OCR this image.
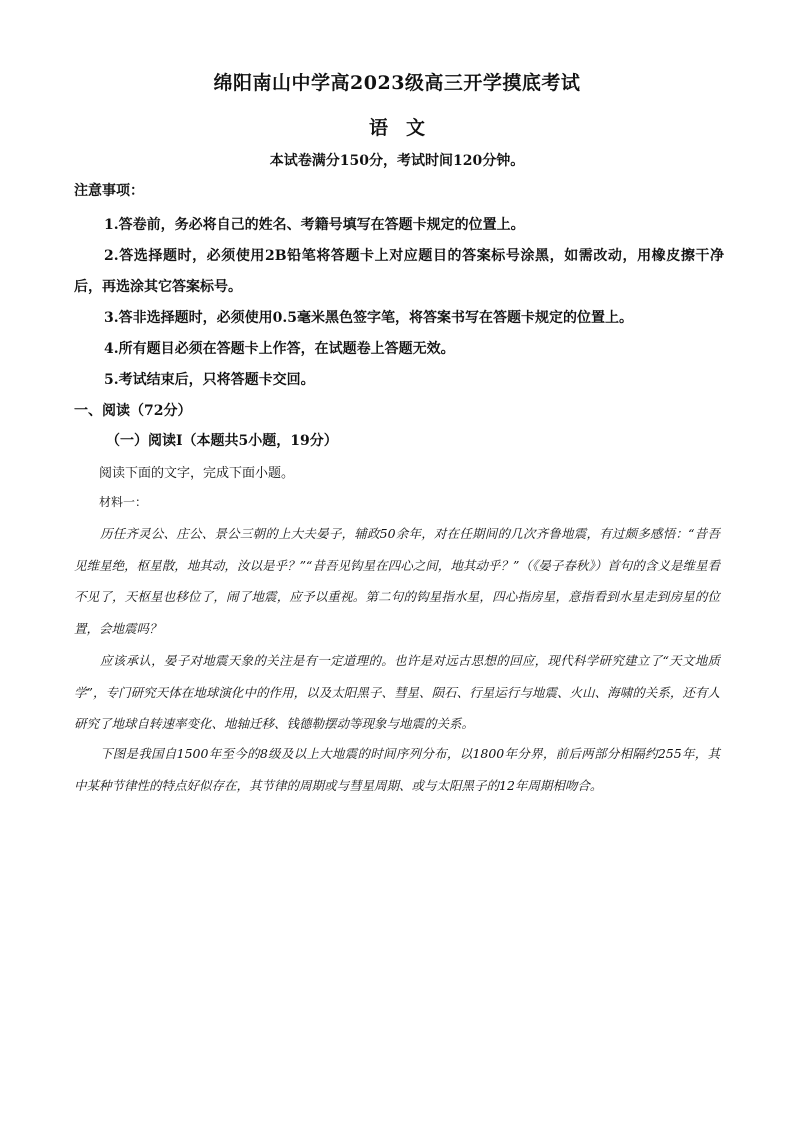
绵阳南山中学高2023级高三开学摸底考试
语文
本试卷满分150分，考试时间120分钟。
注意事项：
1.答卷前，务必将自己的姓名、考籍号填写在答题卡规定的位置上。
2.答选择题时，必须使用2B铅笔将答题卡上对应题目的答案标号涂黑，如需改动，用橡皮擦干净后，再选涂其它答案标号。
3.答非选择题时，必须使用0.5毫米黑色签字笔，将答案书写在答题卡规定的位置上。
4.所有题目必须在答题卡上作答，在试题卷上答题无效。
5.考试结束后，只将答题卡交回。
一、阅读（72分）
（一）阅读Ⅰ（本题共5小题，19分）
阅读下面的文字，完成下面小题。
材料一：

历任齐灵公、庄公、景公三朝的上大夫晏子，辅政50余年，对在任期间的几次齐鲁地震，有过颇多感悟：“昔吾见维星绝，枢星散，地其动，汝以是乎？”“昔吾见钩星在四心之间，地其动乎？”（《晏子春秋》）首句的含义是维星看不见了，天枢星也移位了，闹了地震，应予以重视。第二句的钩星指水星，四心指房星，意指看到水星走到房星的位置，会地震吗？

应该承认，晏子对地震天象的关注是有一定道理的。也许是对远古思想的回应，现代科学研究建立了“天文地质学”，专门研究天体在地球演化中的作用，以及太阳黑子、彗星、陨石、行星运行与地震、火山、海啸的关系，还有人研究了地球自转速率变化、地轴迁移、钱德勒摆动等现象与地震的关系。

下图是我国自1500年至今的8级及以上大地震的时间序列分布，以1800年分界，前后两部分相隔约255年，其中某种节律性的特点好似存在，其节律的周期或与彗星周期、或与太阳黑子的12年周期相吻合。
